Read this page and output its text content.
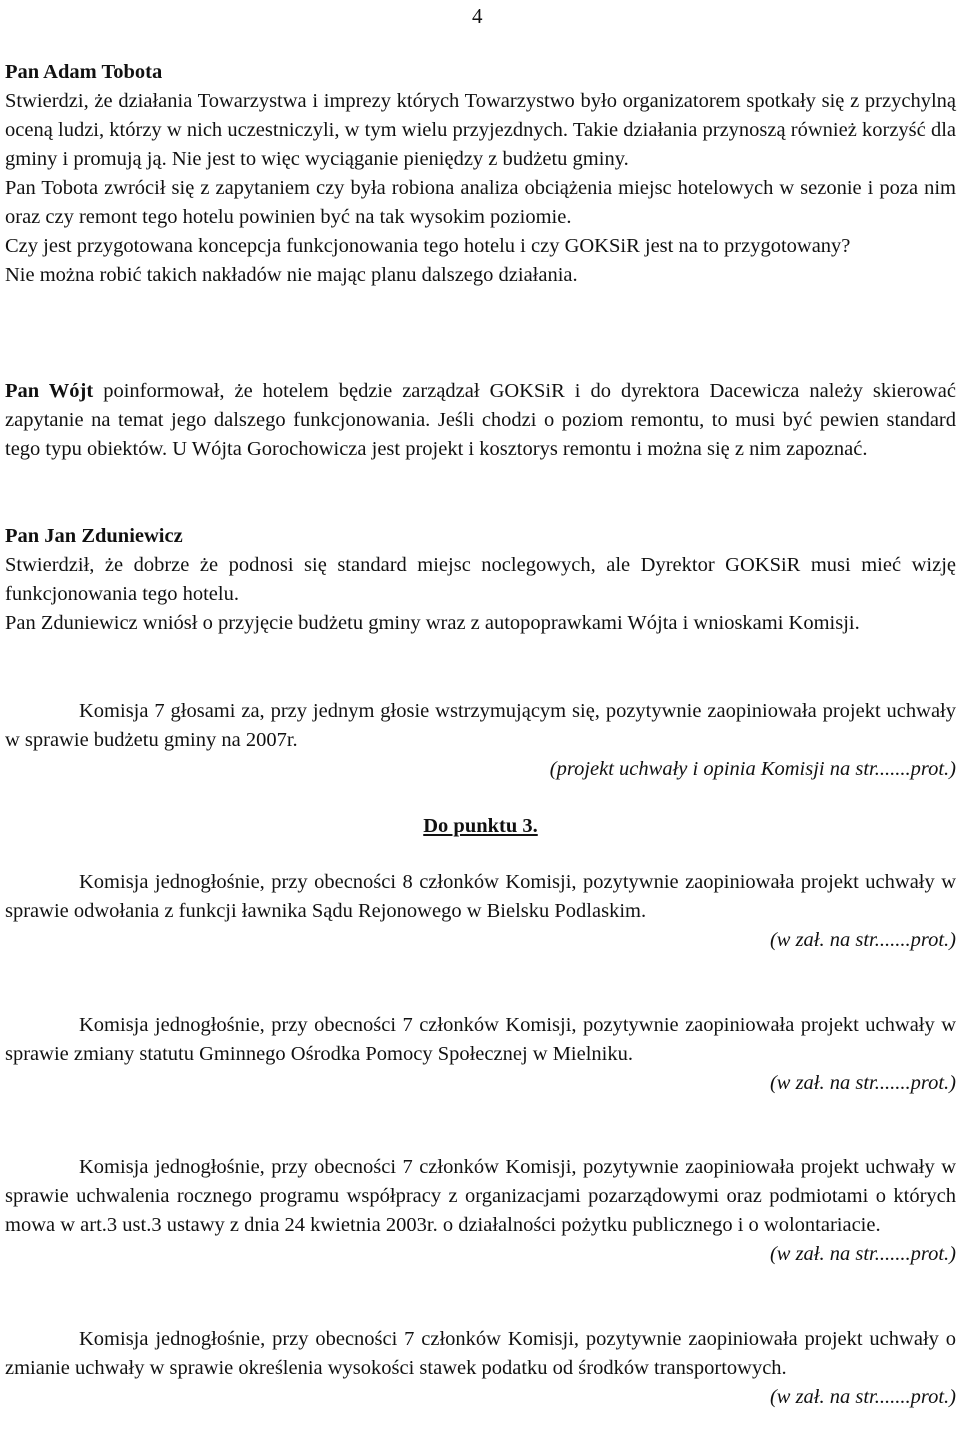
4

Pan Adam Tobota

Stwierdzi, że działania Towarzystwa i imprezy których Towarzystwo było organizatorem spotkały się z przychylną oceną ludzi, którzy w nich uczestniczyli, w tym wielu przyjezdnych. Takie działania przynoszą również korzyść dla gminy i promują ją. Nie jest to więc wyciąganie pieniędzy z budżetu gminy.

Pan Tobota zwrócił się z zapytaniem czy była robiona analiza obciążenia miejsc hotelowych w sezonie i poza nim oraz czy remont tego hotelu powinien być na tak wysokim poziomie.

Czy jest przygotowana koncepcja funkcjonowania tego hotelu i czy GOKSiR jest na to przygotowany?

Nie można robić takich nakładów nie mając planu dalszego działania.

Pan Wójt poinformował, że hotelem będzie zarządzał GOKSiR i do dyrektora Dacewicza należy skierować zapytanie na temat jego dalszego funkcjonowania. Jeśli chodzi o poziom remontu, to musi być pewien standard tego typu obiektów. U Wójta Gorochowicza jest projekt i kosztorys remontu i można się z nim zapoznać.

Pan Jan Zduniewicz

Stwierdził, że dobrze że podnosi się standard miejsc noclegowych, ale Dyrektor GOKSiR musi mieć wizję funkcjonowania tego hotelu.

Pan Zduniewicz wniósł o przyjęcie budżetu gminy wraz z autopoprawkami Wójta i wnioskami Komisji.

Komisja 7 głosami za, przy jednym głosie wstrzymującym się, pozytywnie zaopiniowała projekt uchwały w sprawie budżetu gminy na 2007r.

(projekt uchwały i opinia Komisji na str.......prot.)

Do punktu 3.

Komisja jednogłośnie, przy obecności 8 członków Komisji, pozytywnie zaopiniowała projekt uchwały w sprawie odwołania z funkcji ławnika Sądu Rejonowego w Bielsku Podlaskim.

(w zał. na str.......prot.)

Komisja jednogłośnie, przy obecności 7 członków Komisji, pozytywnie zaopiniowała projekt uchwały w sprawie zmiany statutu Gminnego Ośrodka Pomocy Społecznej w Mielniku.

(w zał. na str.......prot.)

Komisja jednogłośnie, przy obecności 7 członków Komisji, pozytywnie zaopiniowała projekt uchwały w sprawie uchwalenia rocznego programu współpracy z organizacjami pozarządowymi oraz podmiotami o których mowa w art.3 ust.3 ustawy z dnia 24 kwietnia 2003r. o działalności pożytku publicznego i o wolontariacie.

(w zał. na str.......prot.)

Komisja jednogłośnie, przy obecności 7 członków Komisji, pozytywnie zaopiniowała projekt uchwały o zmianie uchwały w sprawie określenia wysokości stawek podatku od środków transportowych.

(w zał. na str.......prot.)
